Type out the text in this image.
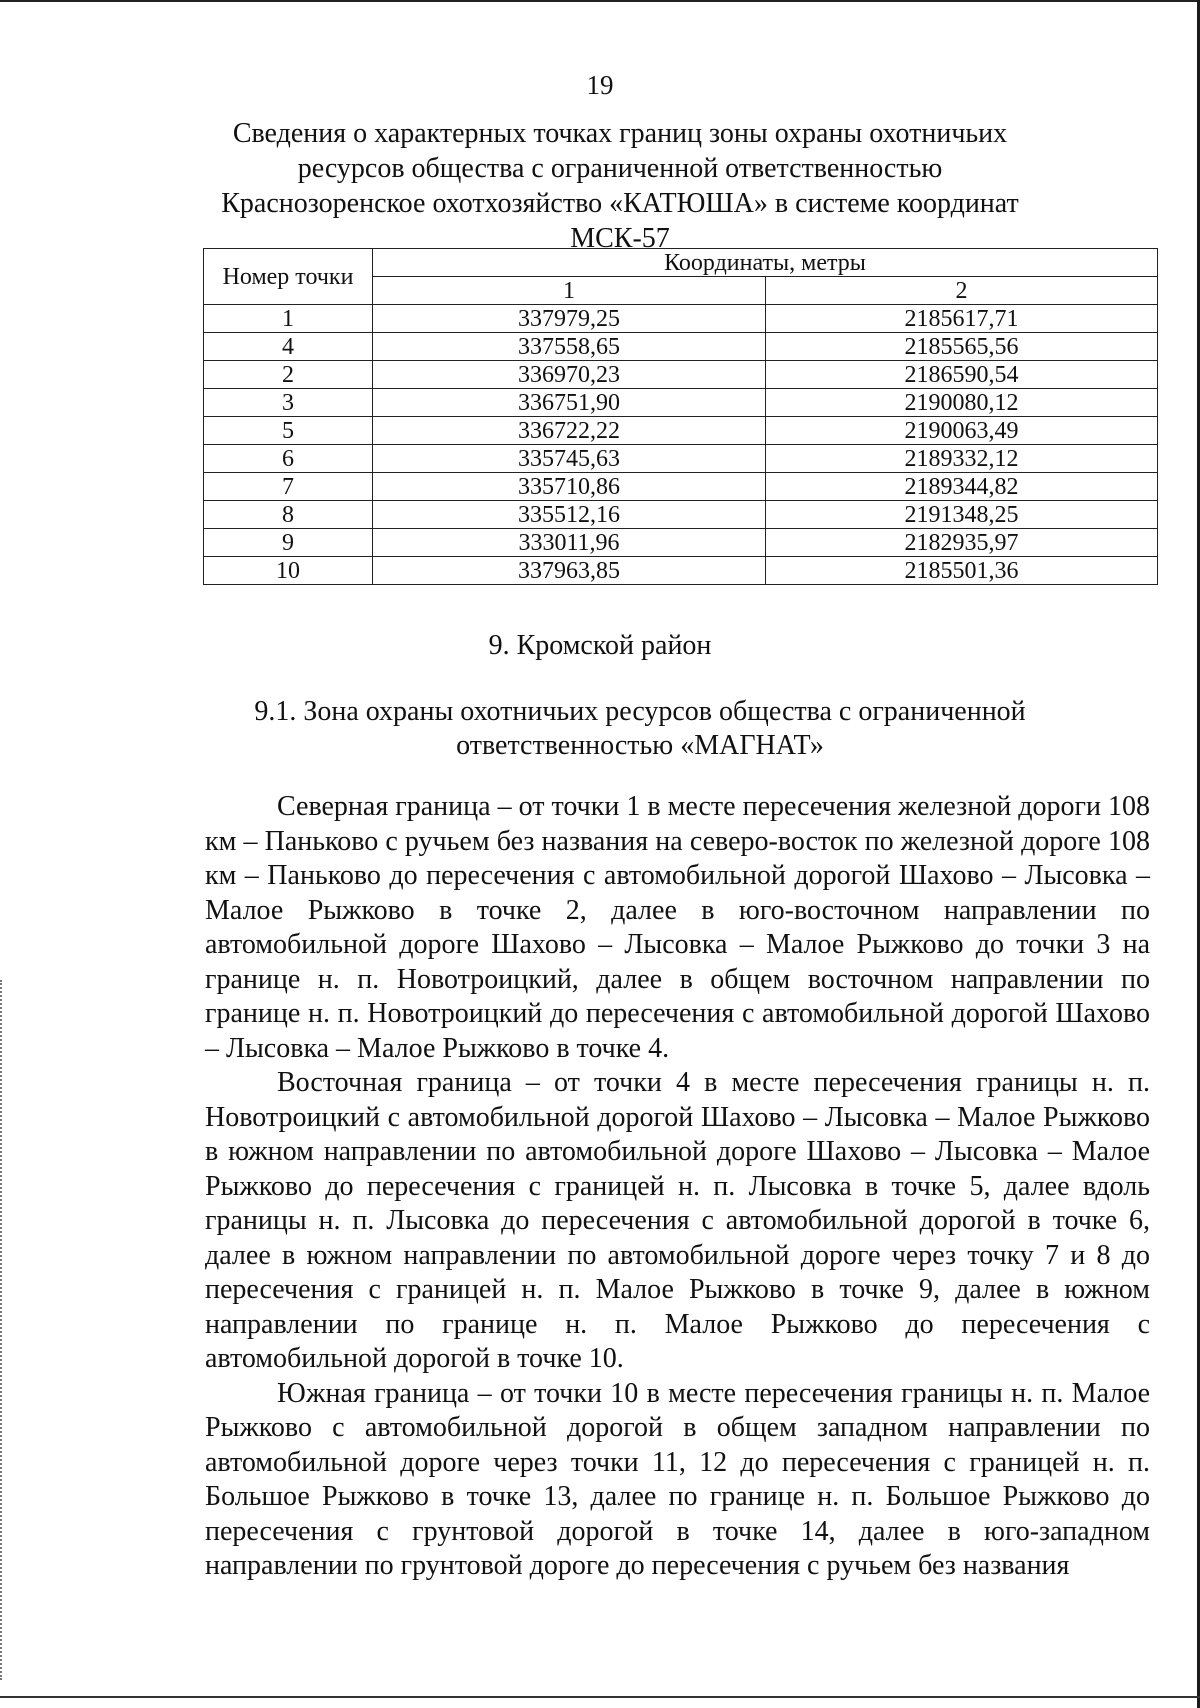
19
Сведения о характерных точках границ зоны охраны охотничьих ресурсов общества с ограниченной ответственностью Краснозоренское охотхозяйство «КАТЮША» в системе координат МСК-57
Номер точки	Координаты, метры	
	1	2
1	337979,25	2185617,71
4	337558,65	2185565,56
2	336970,23	2186590,54
3	336751,90	2190080,12
5	336722,22	2190063,49
6	335745,63	2189332,12
7	335710,86	2189344,82
8	335512,16	2191348,25
9	333011,96	2182935,97
10	337963,85	2185501,36
9. Кромской район
9.1. Зона охраны охотничьих ресурсов общества с ограниченной ответственностью «МАГНАТ»

Северная граница – от точки 1 в месте пересечения железной дороги 108 км – Паньково с ручьем без названия на северо-восток по железной дороге 108 км – Паньково до пересечения с автомобильной дорогой Шахово – Лысовка – Малое Рыжково в точке 2, далее в юго-восточном направлении по автомобильной дороге Шахово – Лысовка – Малое Рыжково до точки 3 на границе н. п. Новотроицкий, далее в общем восточном направлении по границе н. п. Новотроицкий до пересечения с автомобильной дорогой Шахово – Лысовка – Малое Рыжково в точке 4.

Восточная граница – от точки 4 в месте пересечения границы н. п. Новотроицкий с автомобильной дорогой Шахово – Лысовка – Малое Рыжково в южном направлении по автомобильной дороге Шахово – Лысовка – Малое Рыжково до пересечения с границей н. п. Лысовка в точке 5, далее вдоль границы н. п. Лысовка до пересечения с автомобильной дорогой в точке 6, далее в южном направлении по автомобильной дороге через точку 7 и 8 до пересечения с границей н. п. Малое Рыжково в точке 9, далее в южном направлении по границе н. п. Малое Рыжково до пересечения с автомобильной дорогой в точке 10.

Южная граница – от точки 10 в месте пересечения границы н. п. Малое Рыжково с автомобильной дорогой в общем западном направлении по автомобильной дороге через точки 11, 12 до пересечения с границей н. п. Большое Рыжково в точке 13, далее по границе н. п. Большое Рыжково до пересечения с грунтовой дорогой в точке 14, далее в юго-западном направлении по грунтовой дороге до пересечения с ручьем без названия
